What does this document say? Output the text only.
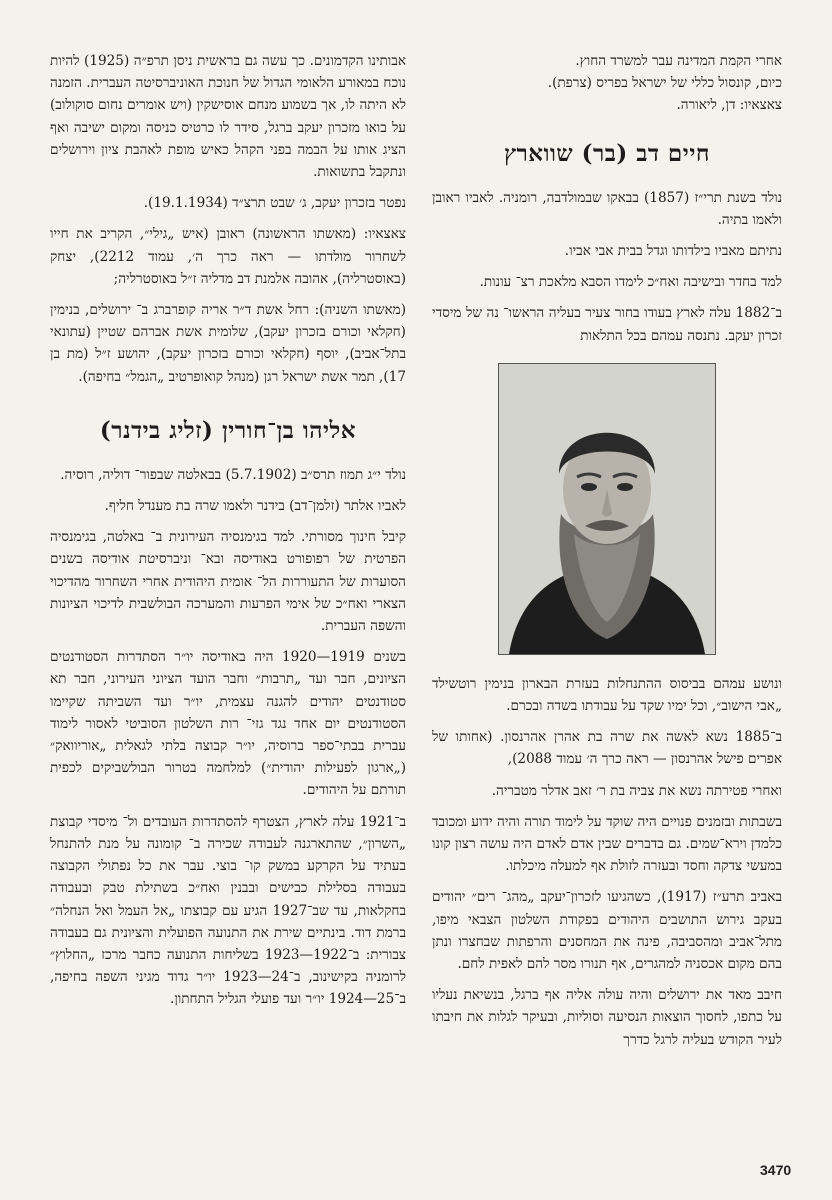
אחרי הקמת המדינה עבר למשרד החוץ.

כיום, קונסול כללי של ישראל בפריס (צרפת).

צאצאיו: דן, ליאורה.

חיים דב (בר) שווארץ

נולד בשנת תרי״ז (1857) בבאקו שבמולדבה, רומניה. לאביו ראובן ולאמו בתיה.

נתיתם מאביו בילדותו וגדל בבית אבי אביו.

למד בחדר ובישיבה ואח״כ לימדו הסבא מלאכת רצ־ עונות.

ב־1882 עלה לארץ בעודו בחור צעיר בעליה הראשו־ נה של מיסדי זכרון יעקב. נתנסה עמהם בכל התלאות

ונושע עמהם בביסוס ההתנחלות בעזרת הבארון בנימין רוטשילד „אבי הישוב״, וכל ימיו שקד על עבודתו בשדה ובכרם.

ב־1885 נשא לאשה את שרה בת אהרן אהרנסון. (אחותו של אפרים פישל אהרנסון — ראה כרך ה׳ עמוד 2088),

ואחרי פטירתה נשא את צביה בת ר׳ זאב אדלר מטבריה.

בשבתות ובזמנים פנויים היה שוקד על לימוד תורה והיה ידוע ומכובד כלמדן וירא־שמים. גם בדברים שבין אדם לאדם היה עושה רצון קונו במעשי צדקה וחסד ובעזרה לזולת אף למעלה מיכלתו.

באביב תרע״ז (1917), כשהגיעו לזכרון־יעקב „מהג־ רים״ יהודים בעקב גירוש התושבים היהודים בפקודת השלטון הצבאי מיפו, מתל־אביב ומהסביבה, פינה את המחסנים והרפתות שבחצרו ונתן בהם מקום אכסניה למהגרים, אף תנורו מסר להם לאפית לחם.

חיבב מאד את ירושלים והיה עולה אליה אף ברגל, בנשיאת נעליו על כתפו, לחסוך הוצאות הנסיעה וסוליות, ובעיקר לגלות את חיבתו לעיר הקודש בעליה לרגל כדרך

אבותינו הקדמונים. כך עשה גם בראשית ניסן תרפ״ה (1925) להיות נוכח במאורע הלאומי הגדול של חנוכת האוניברסיטה העברית. הזמנה לא היתה לו, אך בשמוע מנחם אוסישקין (ויש אומרים נחום סוקולוב) על בואו מזכרון יעקב ברגל, סידר לו כרטיס כניסה ומקום ישיבה ואף הציג אותו על הבמה בפני הקהל כאיש מופת לאהבת ציון וירושלים ונתקבל בתשואות.

נפטר בזכרון יעקב, ג׳ שבט תרצ״ד (19.1.1934).

צאצאיו: (מאשתו הראשונה) ראובן (איש „גילי״, הקריב את חייו לשחרור מולדתו — ראה כרך ה׳, עמוד 2212), יצחק (באוסטרליה), אהובה אלמנת דב מדליה ז״ל באוסטרליה;

(מאשתו השניה): רחל אשת ד״ר אריה קופרברג ב־ ירושלים, בנימין (חקלאי וכורם בזכרון יעקב), שלומית אשת אברהם שטיין (עתונאי בתל־אביב), יוסף (חקלאי וכורם בזכרון יעקב), יהושע ז״ל (מת בן 17), תמר אשת ישראל רגן (מנהל קואופרטיב „הגמל״ בחיפה).

אליהו בן־חורין (זליג בידנר)

נולד י״ג תמוז תרס״ב (5.7.1902) בבאלטה שבפור־ דוליה, רוסיה.

לאביו אלתר (זלמן־דב) בידנר ולאמו שרה בת מענדל חליף.

קיבל חינוך מסורתי. למד בגימנסיה העירונית ב־ באלטה, בגימנסיה הפרטית של רפופורט באודיסה ובא־ וניברסיטת אודיסה בשנים הסוערות של התעוררות הל־ אומית היהודית אחרי השחרור מהדיכוי הצארי ואח״כ של אימי הפרעות והמערכה הבולשבית לדיכוי הציונות והשפה העברית.

בשנים 1919—1920 היה באודיסה יו״ר הסתדרות הסטודנטים הציונים, חבר ועד „תרבות״ וחבר הועד הציוני העירוני, חבר תא סטודנטים יהודים להגנה עצמית, יו״ר ועד השביתה שקיימו הסטודנטים יום אחד נגד גזי־ רות השלטון הסוביטי לאסור לימוד עברית בבתי־ספר ברוסיה, יו״ר קבוצה בלתי לגאלית „אוריוואק״ („ארגון לפעילות יהודית״) למלחמה בטרור הבולשביקים לכפית תורתם על היהודים.

ב־1921 עלה לארץ, הצטרף להסתדרות העובדים ול־ מיסדי קבוצת „השרון״, שהתארגנה לעבודה שכירה ב־ קומונה על מנת להתנחל בעתיד על הקרקע במשק קו־ בוצי. עבר את כל נפתולי הקבוצה בעבודה בסלילת כבישים ובבנין ואח״כ בשתילת טבק ובעבודה בחקלאות, עד שב־1927 הגיע עם קבוצתו „אל העמל ואל הנחלה״ ברמת דוד. בינתיים שירת את התנועה הפועלית והציונית גם בעבודה צבורית: ב־1922—1923 בשליחות התנועה כחבר מרכז „החלוץ״ לרומניה בקישינוב, ב־24—1923 יו״ר גדוד מגיני השפה בחיפה, ב־25—1924 יו״ר ועד פועלי הגליל התחתון.

3470
